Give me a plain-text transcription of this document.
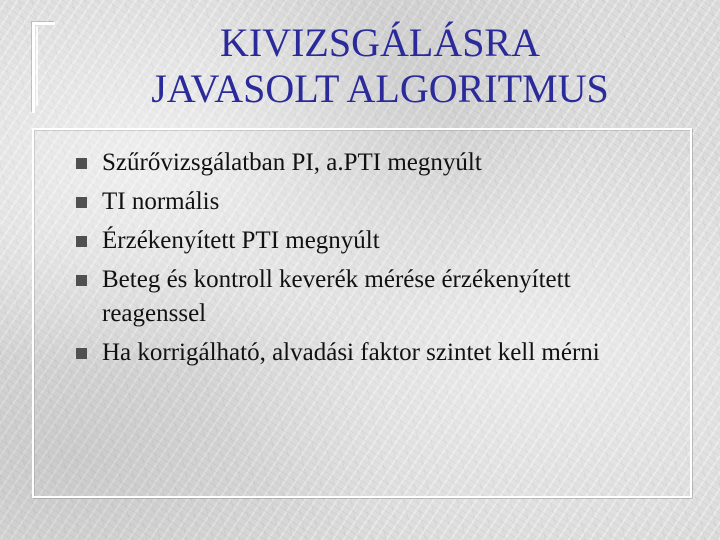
KIVIZSGÁLÁSRA
JAVASOLT ALGORITMUS
Szűrővizsgálatban PI, a.PTI megnyúlt
TI normális
Érzékenyített PTI megnyúlt
Beteg és kontroll keverék mérése érzékenyített reagenssel
Ha korrigálható, alvadási faktor szintet kell mérni
